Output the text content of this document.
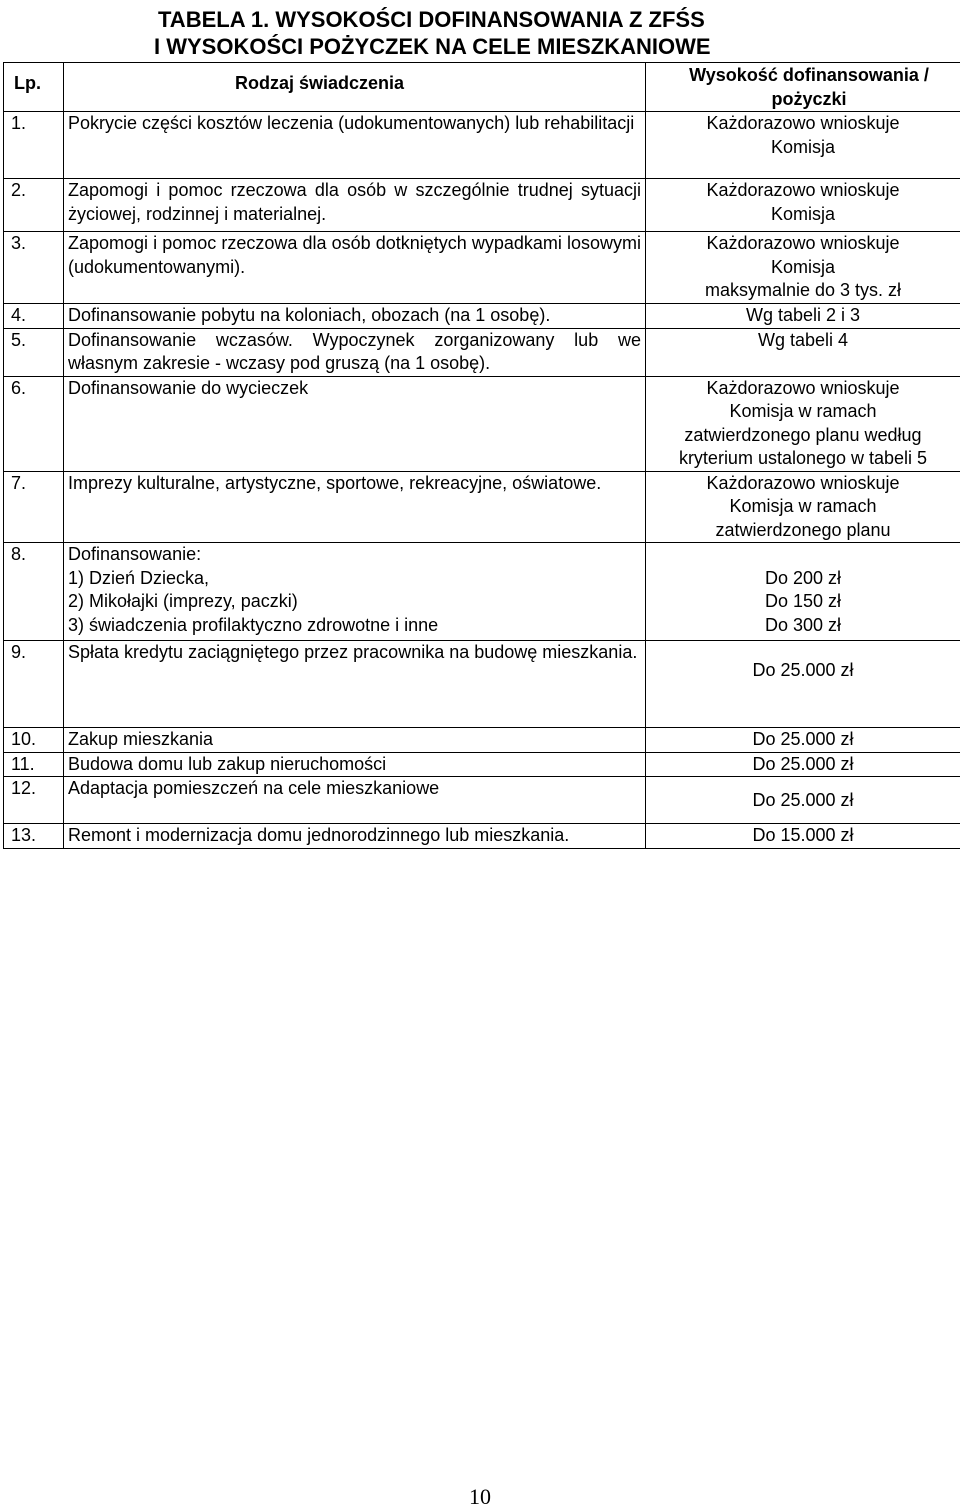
TABELA 1. WYSOKOŚCI DOFINANSOWANIA Z ZFŚS
I WYSOKOŚCI POŻYCZEK NA CELE MIESZKANIOWE
Lp.	Rodzaj świadczenia	Wysokość dofinansowania / pożyczki
1.	Pokrycie części kosztów leczenia (udokumentowanych) lub rehabilitacji	Każdorazowo wnioskuje
Komisja

2.	Zapomogi i pomoc rzeczowa dla osób w szczególnie trudnej sytuacji życiowej, rodzinnej i materialnej.	Każdorazowo wnioskuje
Komisja

3.	Zapomogi i pomoc rzeczowa dla osób dotkniętych wypadkami losowymi (udokumentowanymi).	Każdorazowo wnioskuje
Komisja
maksymalnie do 3 tys. zł

4.	Dofinansowanie pobytu na koloniach, obozach (na 1 osobę).	Wg tabeli 2 i 3

5.	Dofinansowanie wczasów. Wypoczynek zorganizowany lub we własnym zakresie - wczasy pod gruszą (na 1 osobę).	Wg tabeli 4

6.	Dofinansowanie do wycieczek	Każdorazowo wnioskuje
Komisja w ramach
zatwierdzonego planu według
kryterium ustalonego w tabeli 5

7.	Imprezy kulturalne, artystyczne, sportowe, rekreacyjne, oświatowe.	Każdorazowo wnioskuje
Komisja w ramach
zatwierdzonego planu

8.	Dofinansowanie:
1) Dzień Dziecka,
2) Mikołajki (imprezy, paczki)
3) świadczenia profilaktyczno zdrowotne i inne	Do 200 zł
Do 150 zł
Do 300 zł

9.	Spłata kredytu zaciągniętego przez pracownika na budowę mieszkania.	Do 25.000 zł

10.	Zakup mieszkania	Do 25.000 zł

11.	Budowa domu lub zakup nieruchomości	Do 25.000 zł

12.	Adaptacja pomieszczeń na cele mieszkaniowe	Do 25.000 zł

13.	Remont i modernizacja domu jednorodzinnego lub mieszkania.	Do 15.000 zł
10
